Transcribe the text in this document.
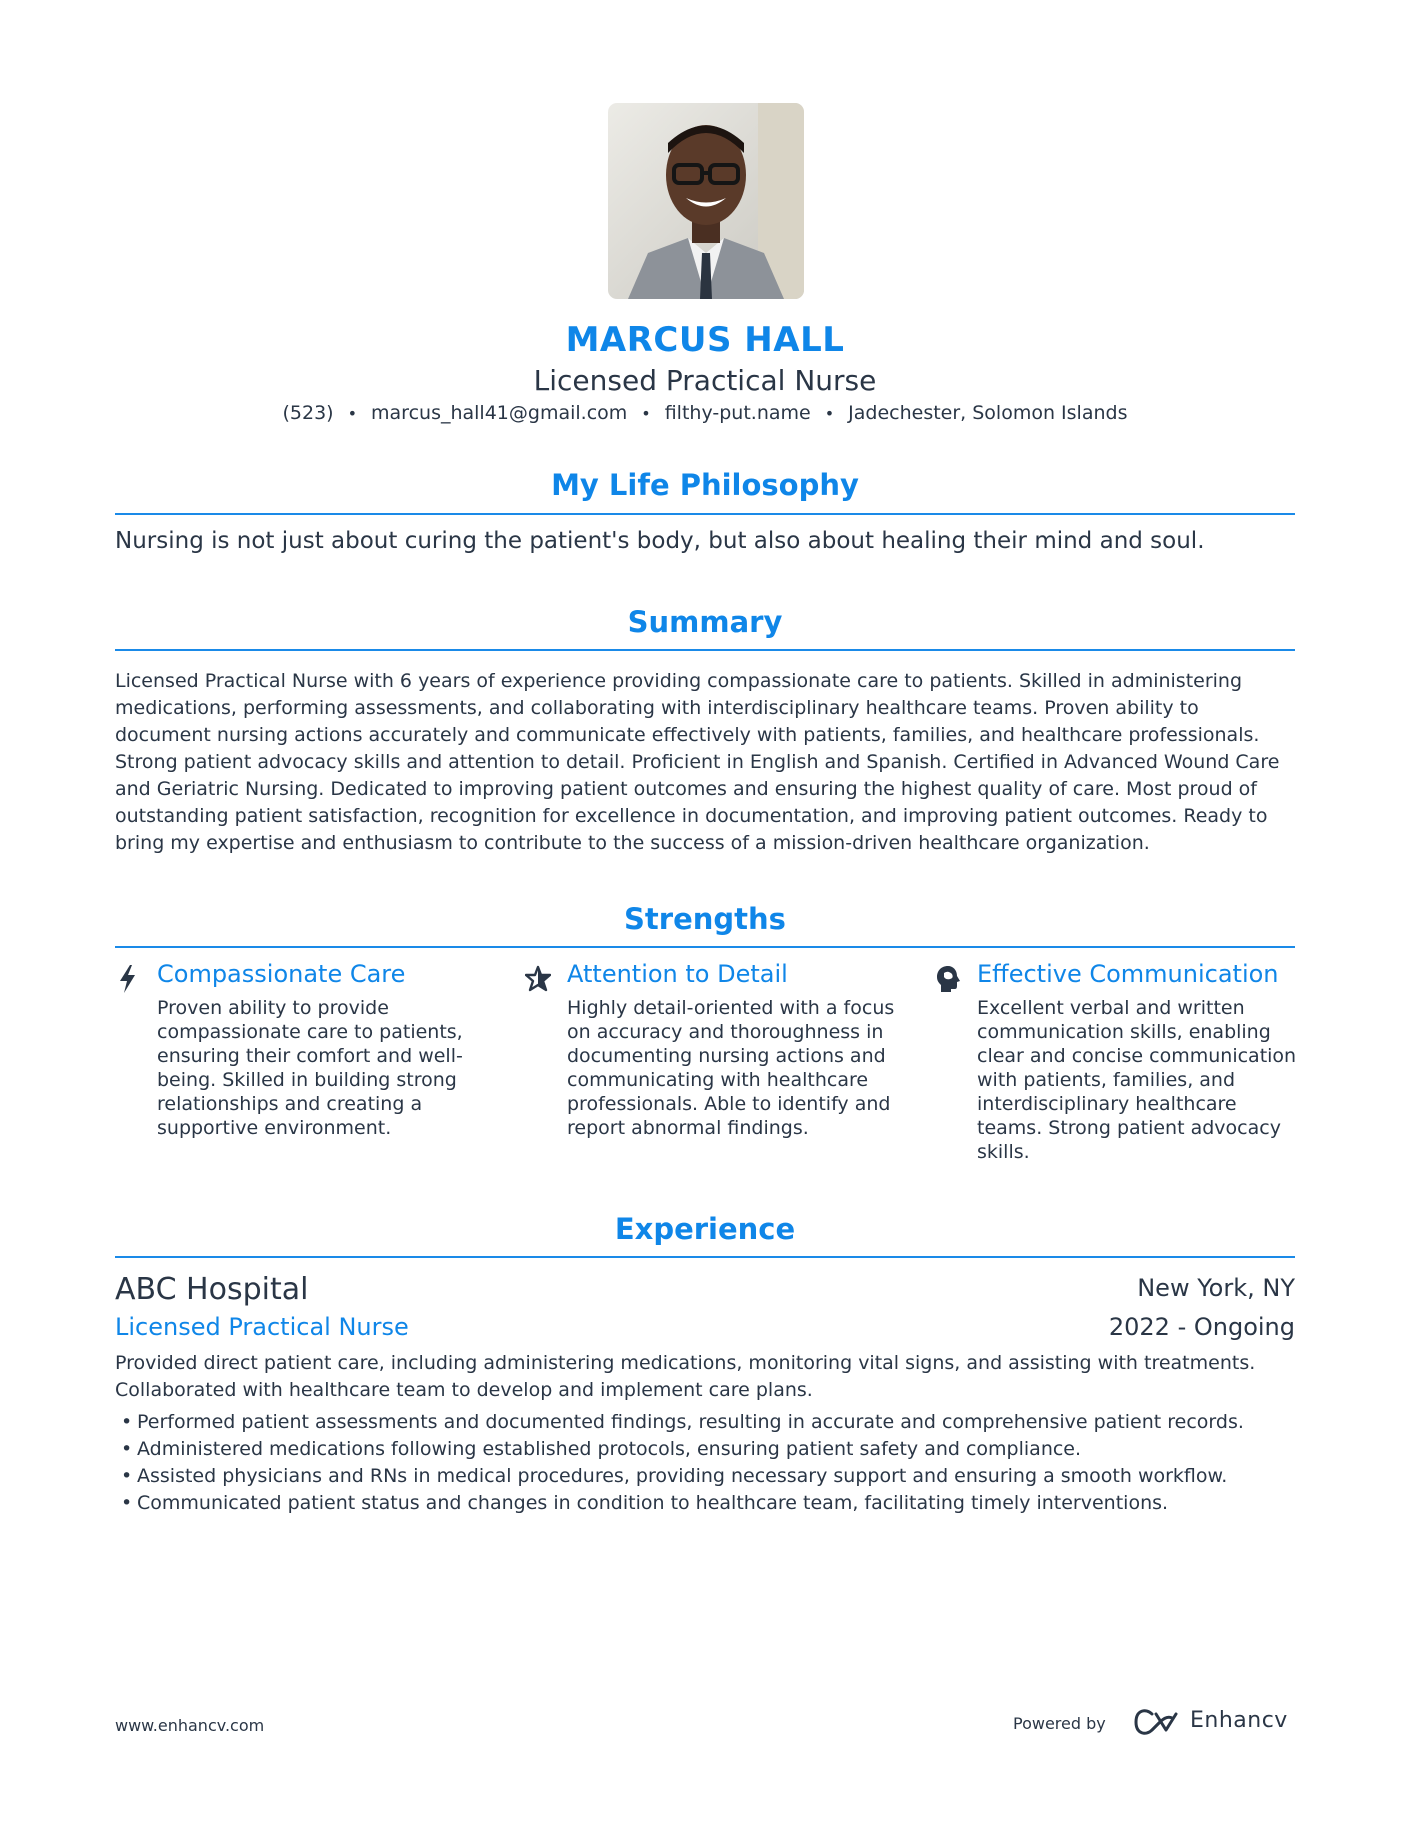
MARCUS HALL
Licensed Practical Nurse
(523) • marcus_hall41@gmail.com • filthy-put.name • Jadechester, Solomon Islands
My Life Philosophy

Nursing is not just about curing the patient's body, but also about healing their mind and soul.

Summary

Licensed Practical Nurse with 6 years of experience providing compassionate care to patients. Skilled in administering medications, performing assessments, and collaborating with interdisciplinary healthcare teams. Proven ability to document nursing actions accurately and communicate effectively with patients, families, and healthcare professionals. Strong patient advocacy skills and attention to detail. Proficient in English and Spanish. Certified in Advanced Wound Care and Geriatric Nursing. Dedicated to improving patient outcomes and ensuring the highest quality of care. Most proud of outstanding patient satisfaction, recognition for excellence in documentation, and improving patient outcomes. Ready to bring my expertise and enthusiasm to contribute to the success of a mission-driven healthcare organization.

Strengths
Compassionate Care

Proven ability to provide compassionate care to patients, ensuring their comfort and well-being. Skilled in building strong relationships and creating a supportive environment.

Attention to Detail

Highly detail-oriented with a focus on accuracy and thoroughness in documenting nursing actions and communicating with healthcare professionals. Able to identify and report abnormal findings.

Effective Communication

Excellent verbal and written communication skills, enabling clear and concise communication with patients, families, and interdisciplinary healthcare teams. Strong patient advocacy skills.

Experience
ABC Hospital	New York, NY
Licensed Practical Nurse	2022 - Ongoing

Provided direct patient care, including administering medications, monitoring vital signs, and assisting with treatments. Collaborated with healthcare team to develop and implement care plans.

• Performed patient assessments and documented findings, resulting in accurate and comprehensive patient records.
• Administered medications following established protocols, ensuring patient safety and compliance.
• Assisted physicians and RNs in medical procedures, providing necessary support and ensuring a smooth workflow.
• Communicated patient status and changes in condition to healthcare team, facilitating timely interventions.
www.enhancv.com	Powered by	Enhancv
